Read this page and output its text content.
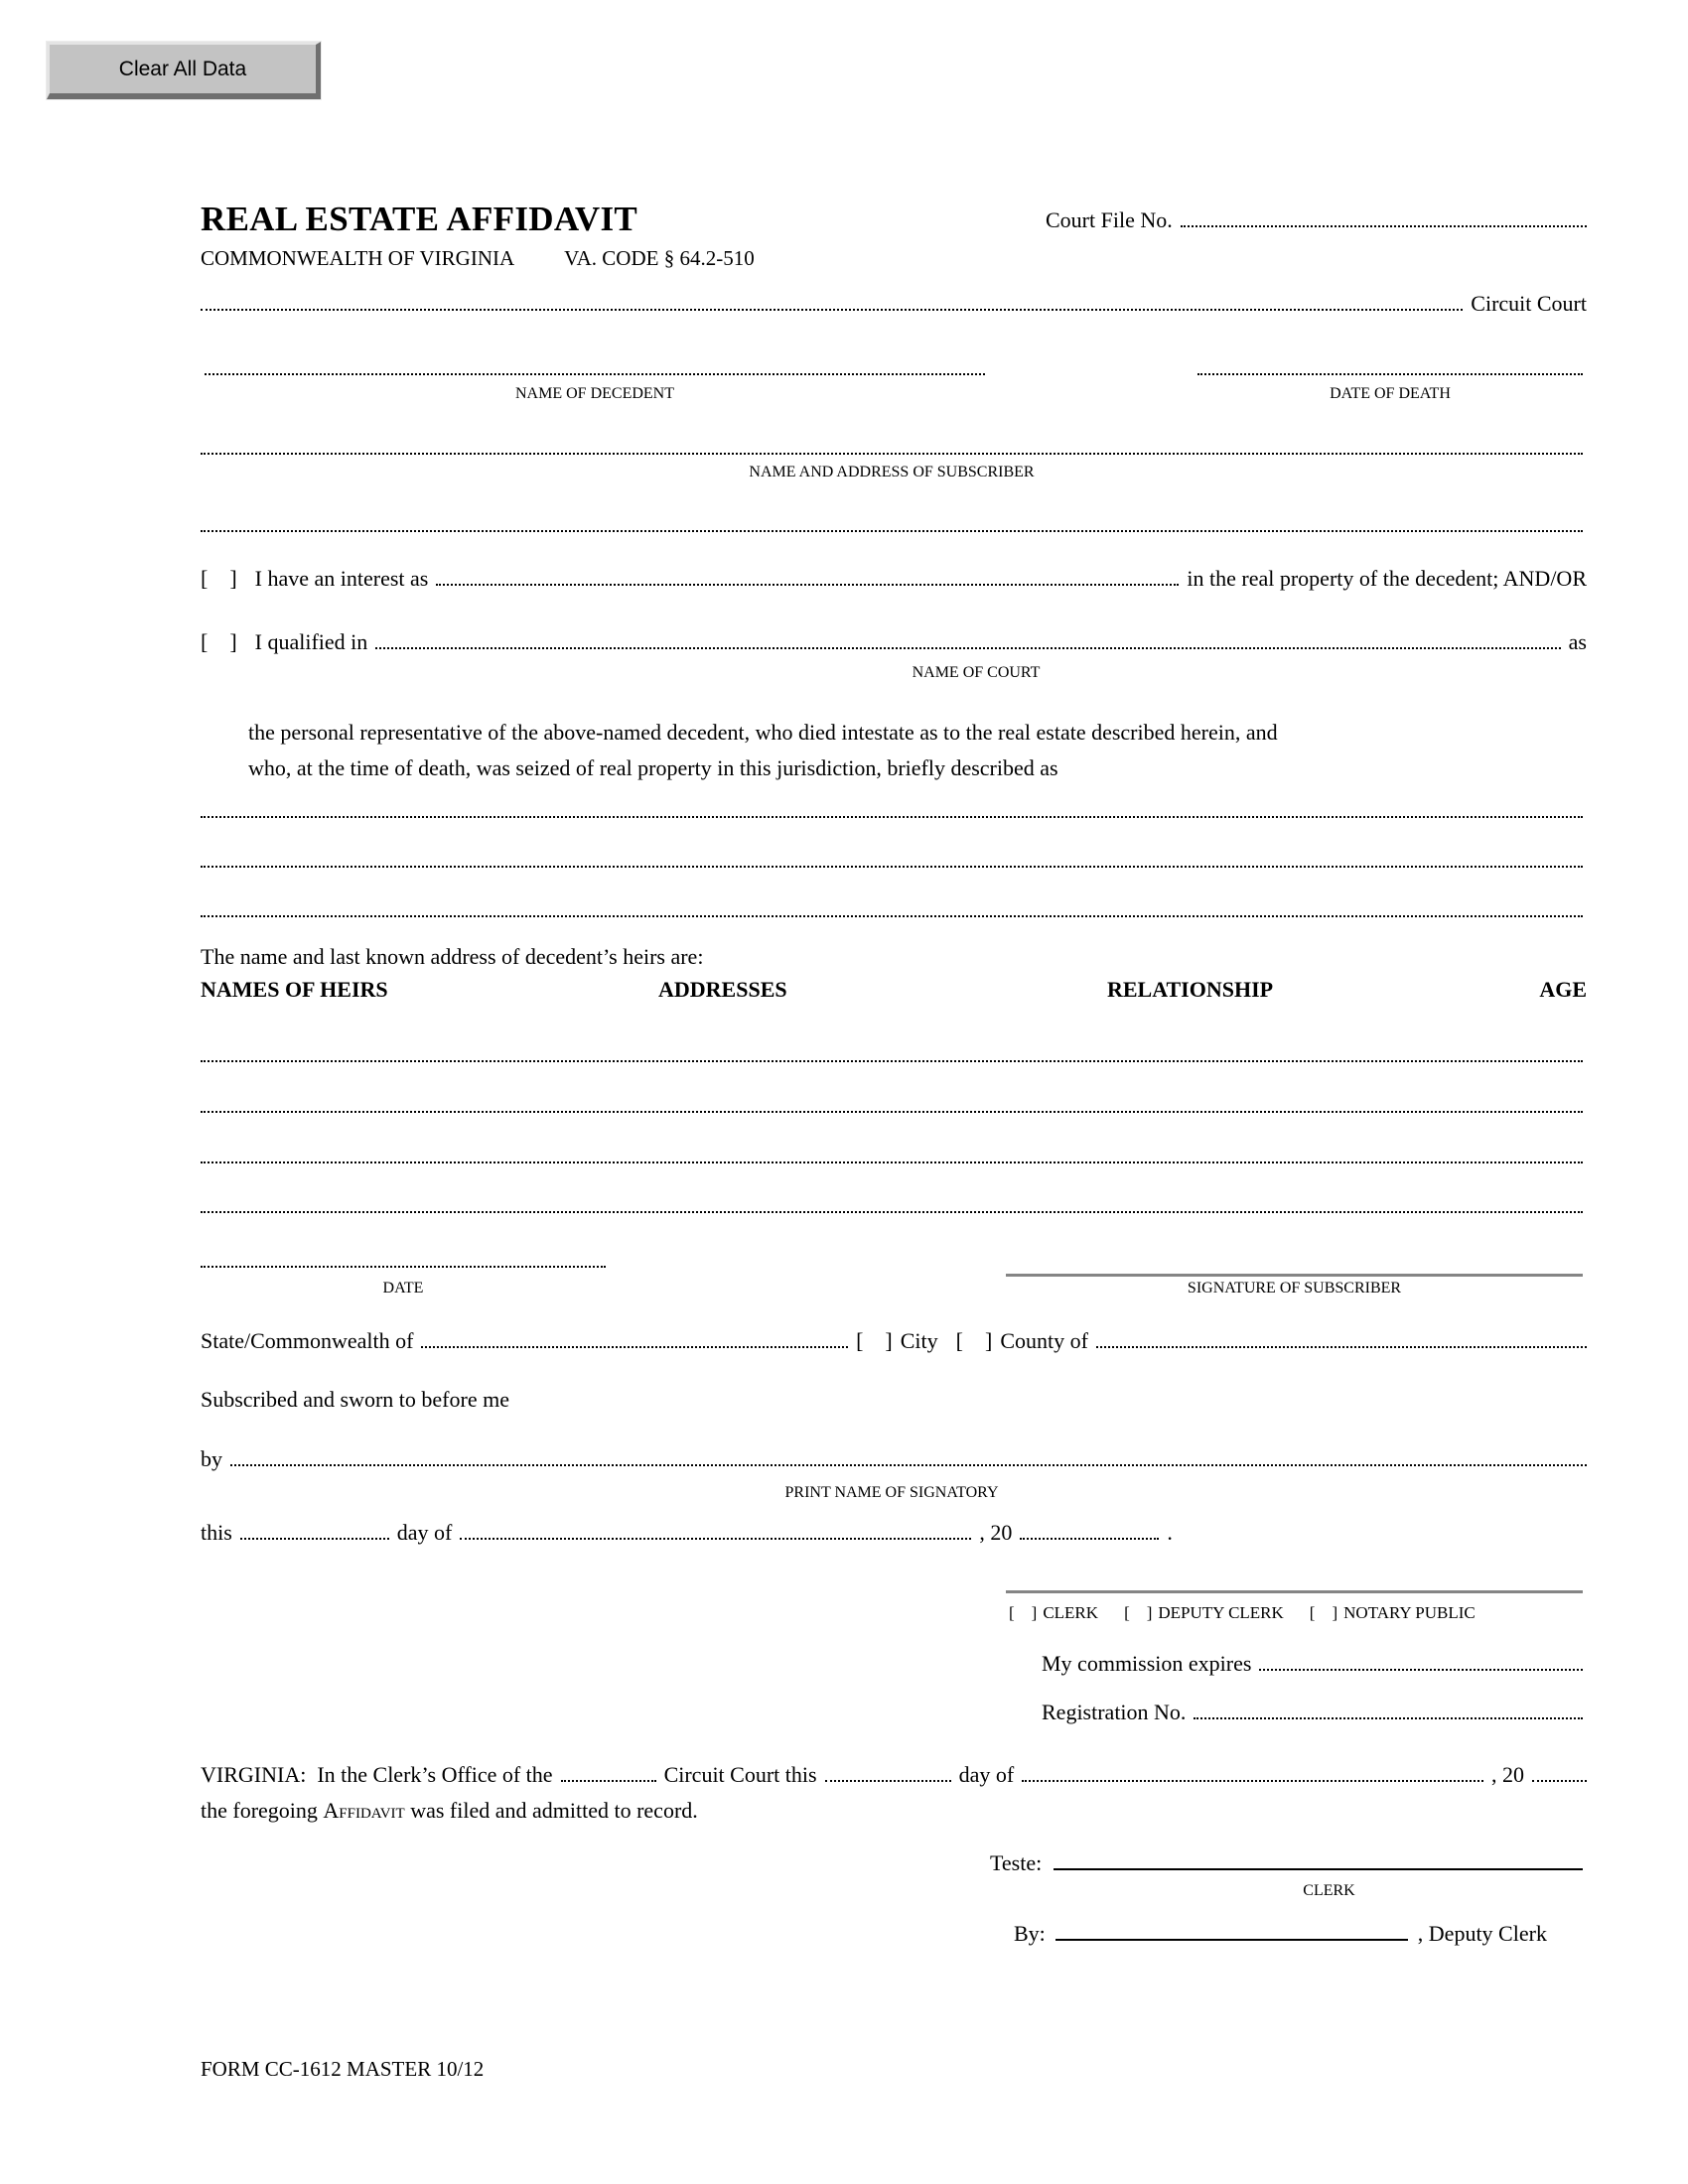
Clear All Data
REAL ESTATE AFFIDAVIT	Court File No.
COMMONWEALTH OF VIRGINIA VA. CODE § 64.2-510
Circuit Court
NAME OF DECEDENT	DATE OF DEATH
NAME AND ADDRESS OF SUBSCRIBER
[  ] I have an interest as	in the real property of the decedent; AND/OR
[  ] I qualified in	as
NAME OF COURT
the personal representative of the above-named decedent, who died intestate as to the real estate described herein, and
who, at the time of death, was seized of real property in this jurisdiction, briefly described as
The name and last known address of decedent’s heirs are:
NAMES OF HEIRS	ADDRESSES	RELATIONSHIP	AGE
DATE	SIGNATURE OF SUBSCRIBER
State/Commonwealth of	[  ] City [  ] County of
Subscribed and sworn to before me
by
PRINT NAME OF SIGNATORY
this	day of	, 20	.
[  ] CLERK [  ] DEPUTY CLERK [  ] NOTARY PUBLIC
My commission expires
Registration No.
VIRGINIA:  In the Clerk’s Office of the	Circuit Court this	day of	, 20
the foregoing Affidavit was filed and admitted to record.
Teste:
CLERK
By:	, Deputy Clerk
FORM CC-1612 MASTER 10/12
